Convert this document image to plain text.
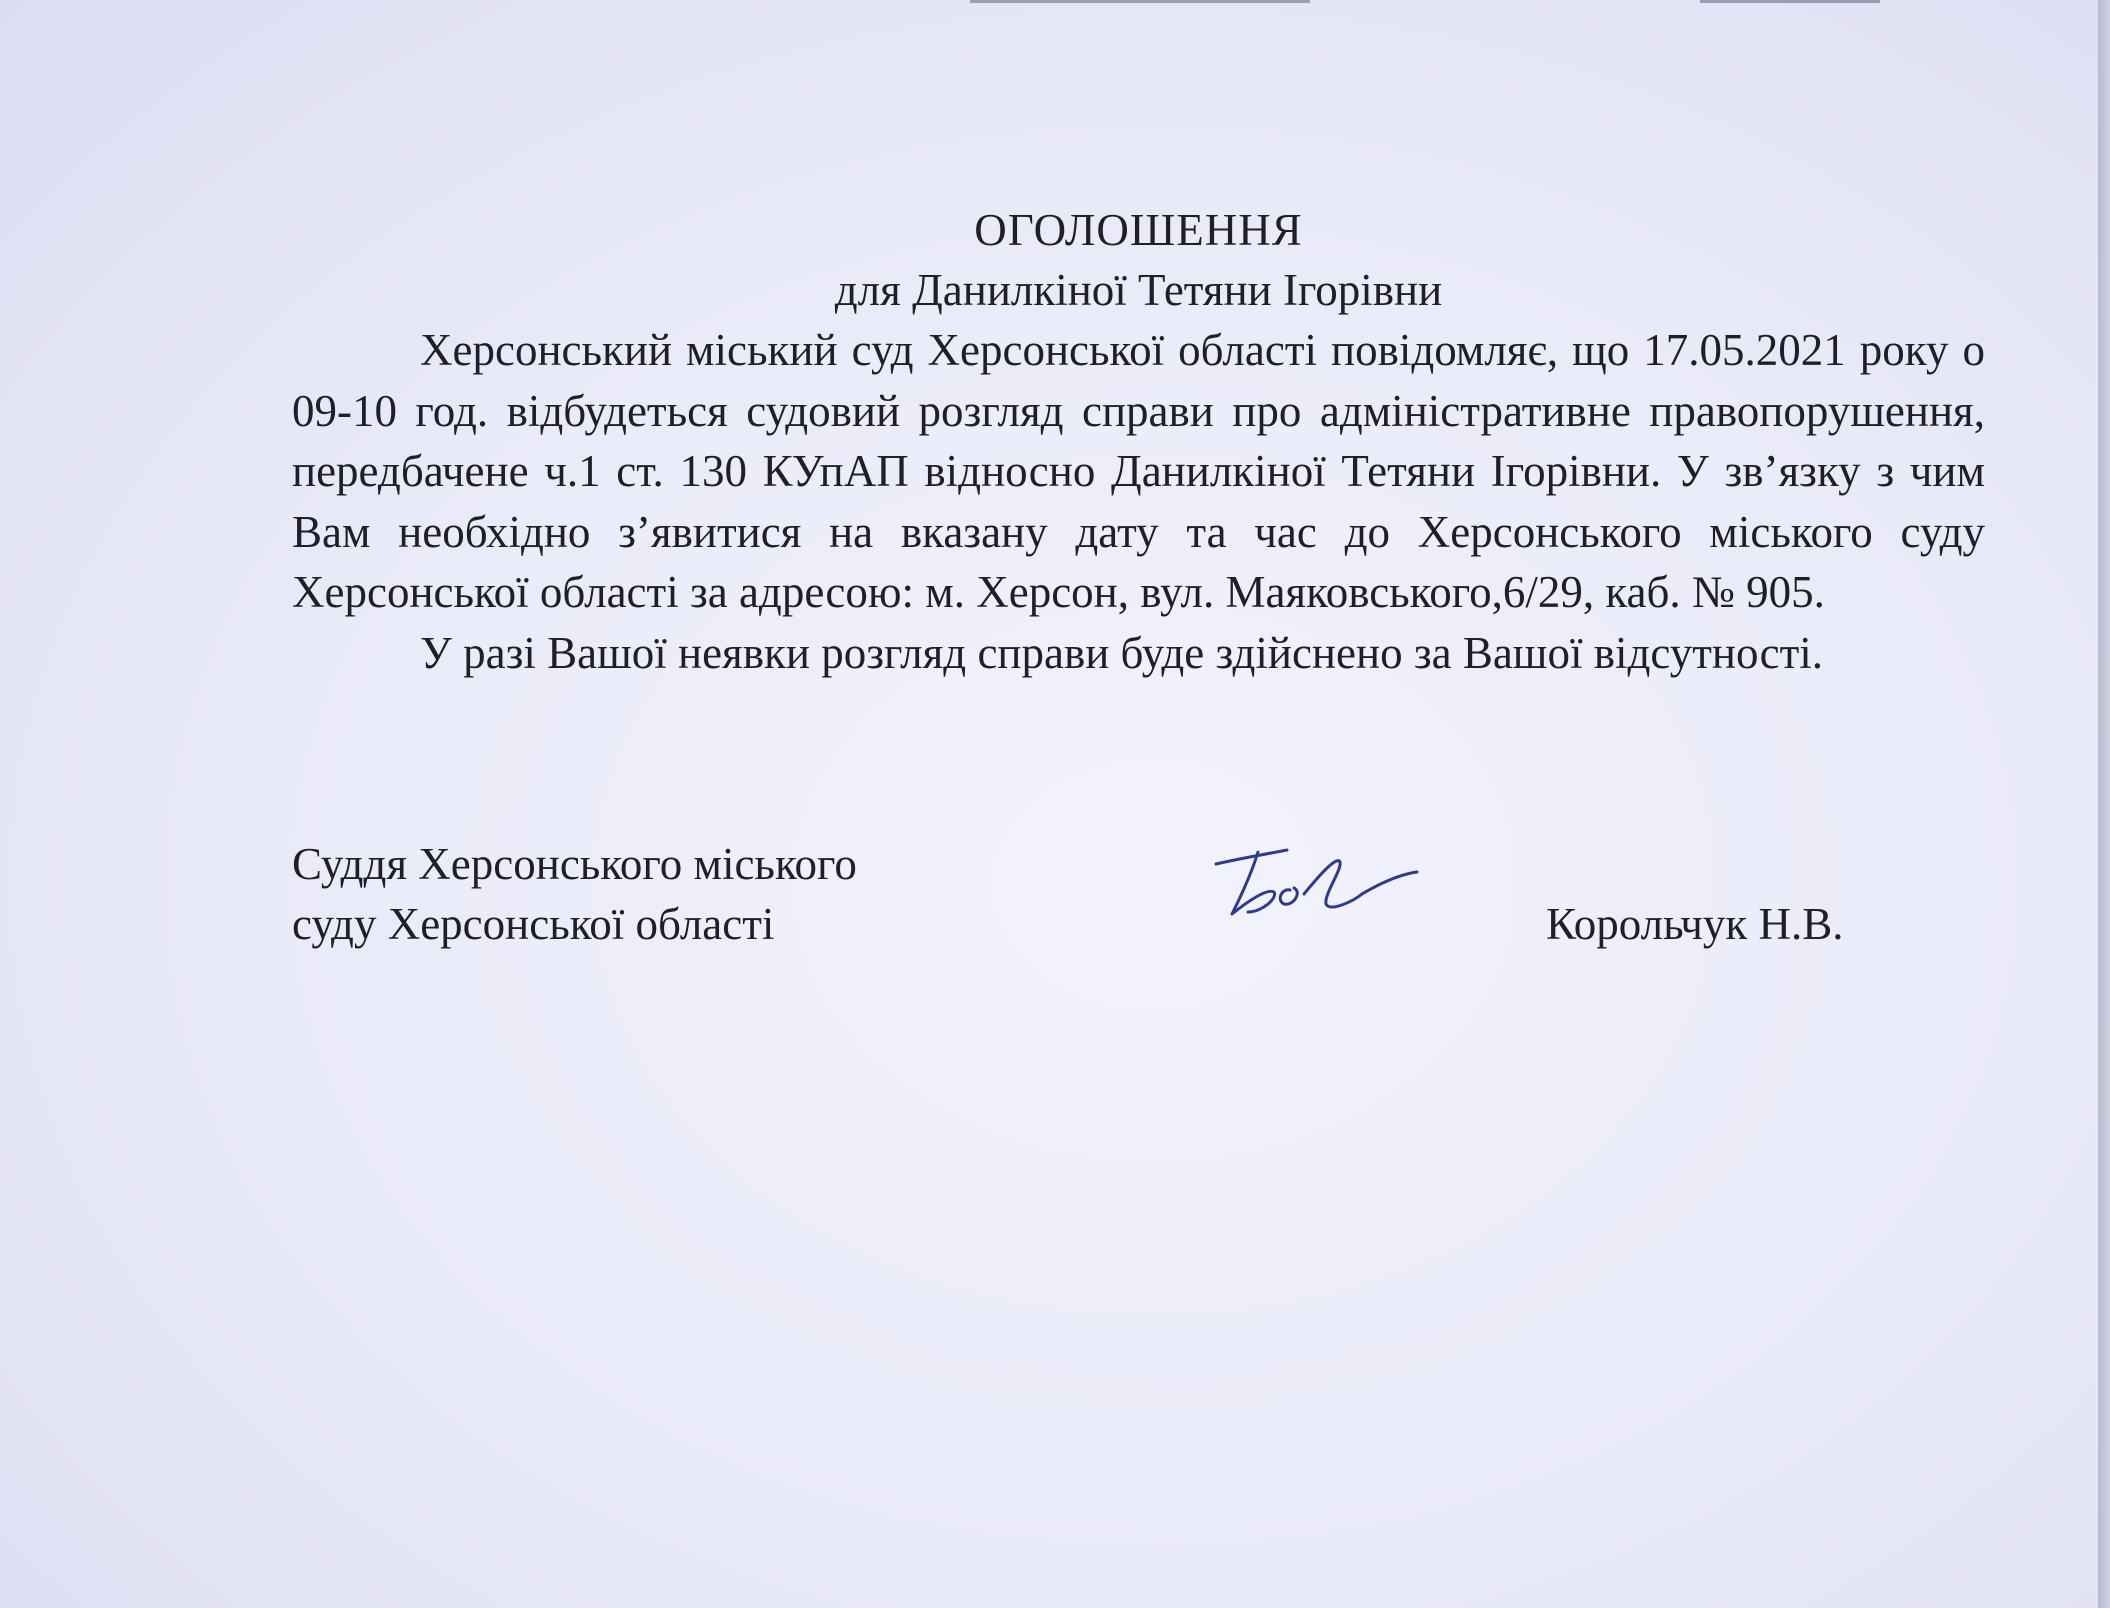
ОГОЛОШЕННЯ
для Данилкіної Тетяни Ігорівни

Херсонський міський суд Херсонської області повідомляє, що 17.05.2021 року о 09-10 год. відбудеться судовий розгляд справи про адміністративне правопорушення, передбачене ч.1 ст. 130 КУпАП відносно Данилкіної Тетяни Ігорівни. У зв’язку з чим Вам необхідно з’явитися на вказану дату та час до Херсонського міського суду Херсонської області за адресою: м. Херсон, вул. Маяковського,6/29, каб. № 905.

У разі Вашої неявки розгляд справи буде здійснено за Вашої відсутності.

Суддя Херсонського міського
суду Херсонської області	Корольчук Н.В.
